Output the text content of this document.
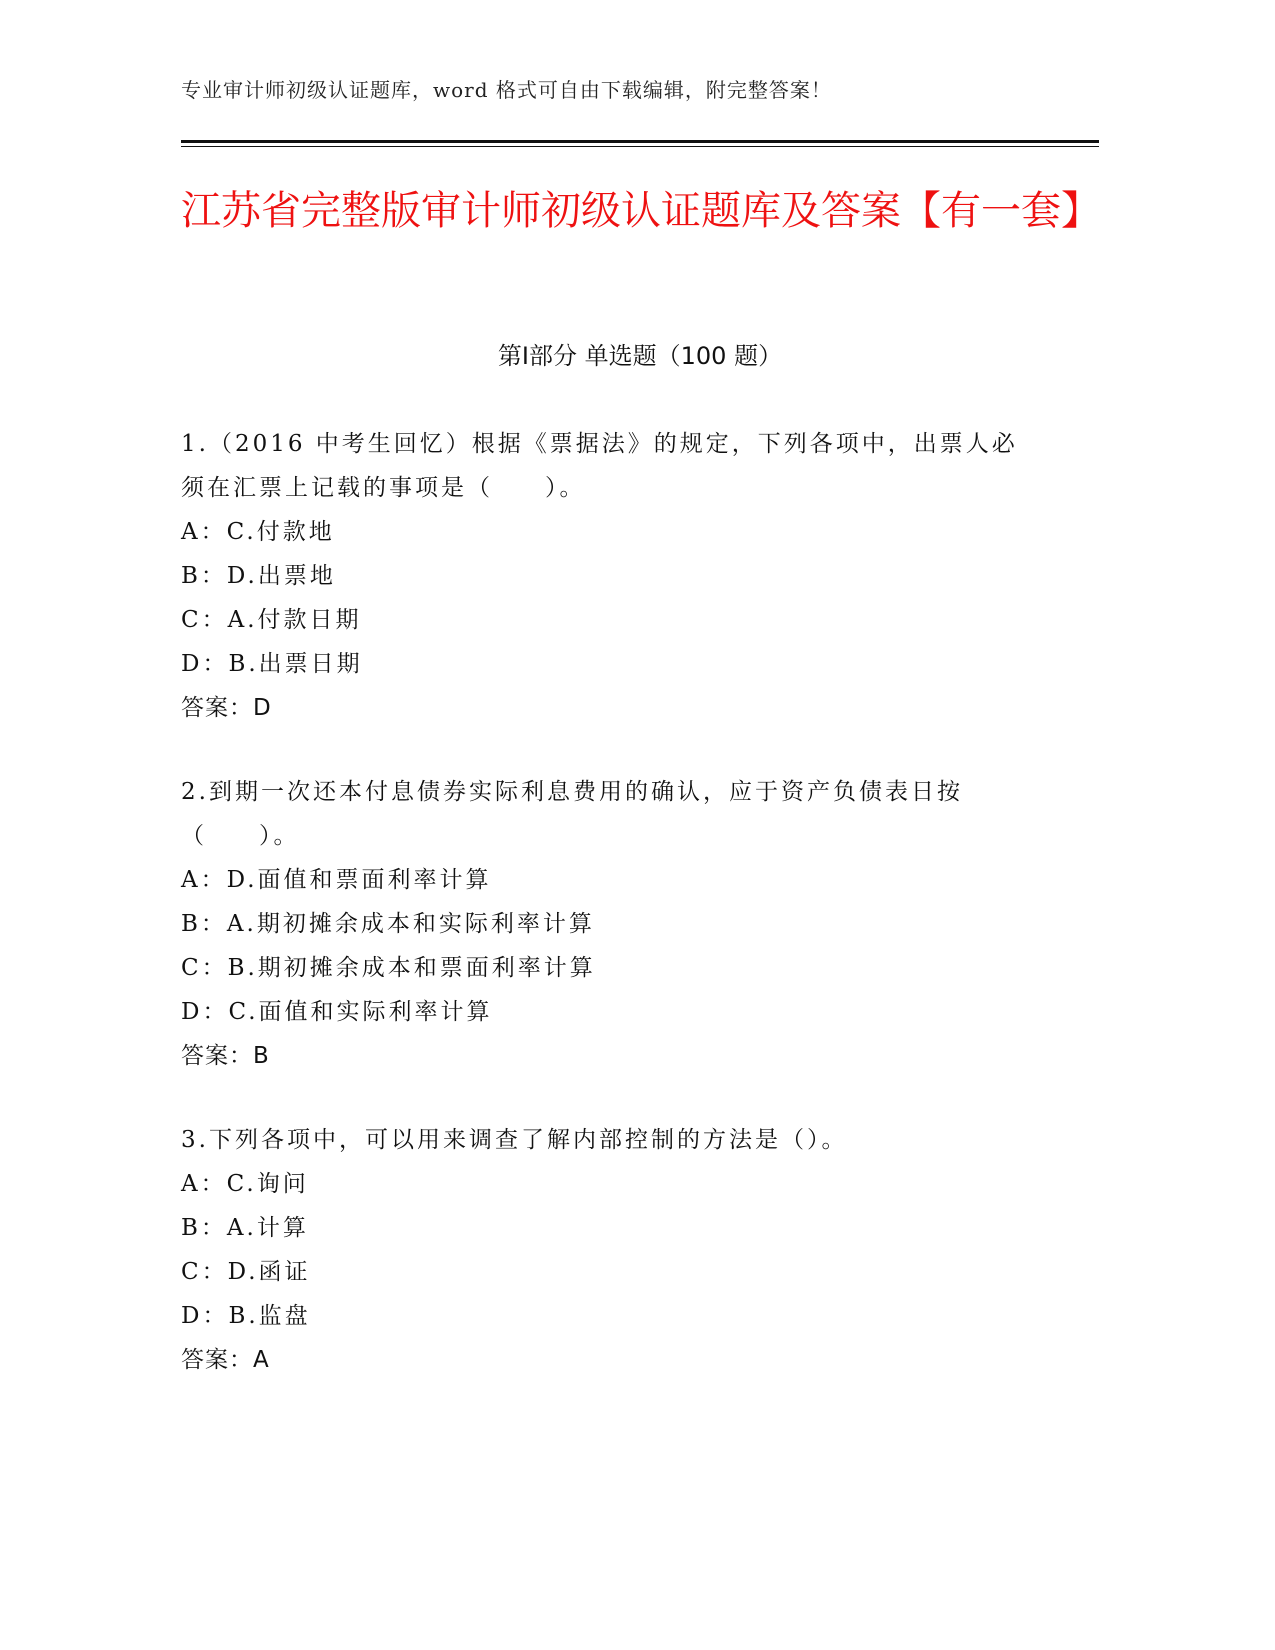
专业审计师初级认证题库，word 格式可自由下载编辑，附完整答案！
江苏省完整版审计师初级认证题库及答案【有一套】
第Ⅰ部分 单选题（100 题）

1.（2016 中考生回忆）根据《票据法》的规定，下列各项中，出票人必须在汇票上记载的事项是（　　）。

A：C.付款地

B：D.出票地

C：A.付款日期

D：B.出票日期

答案：D

2.到期一次还本付息债券实际利息费用的确认，应于资产负债表日按（　　）。

A：D.面值和票面利率计算

B：A.期初摊余成本和实际利率计算

C：B.期初摊余成本和票面利率计算

D：C.面值和实际利率计算

答案：B

3.下列各项中，可以用来调查了解内部控制的方法是（）。

A：C.询问

B：A.计算

C：D.函证

D：B.监盘

答案：A
